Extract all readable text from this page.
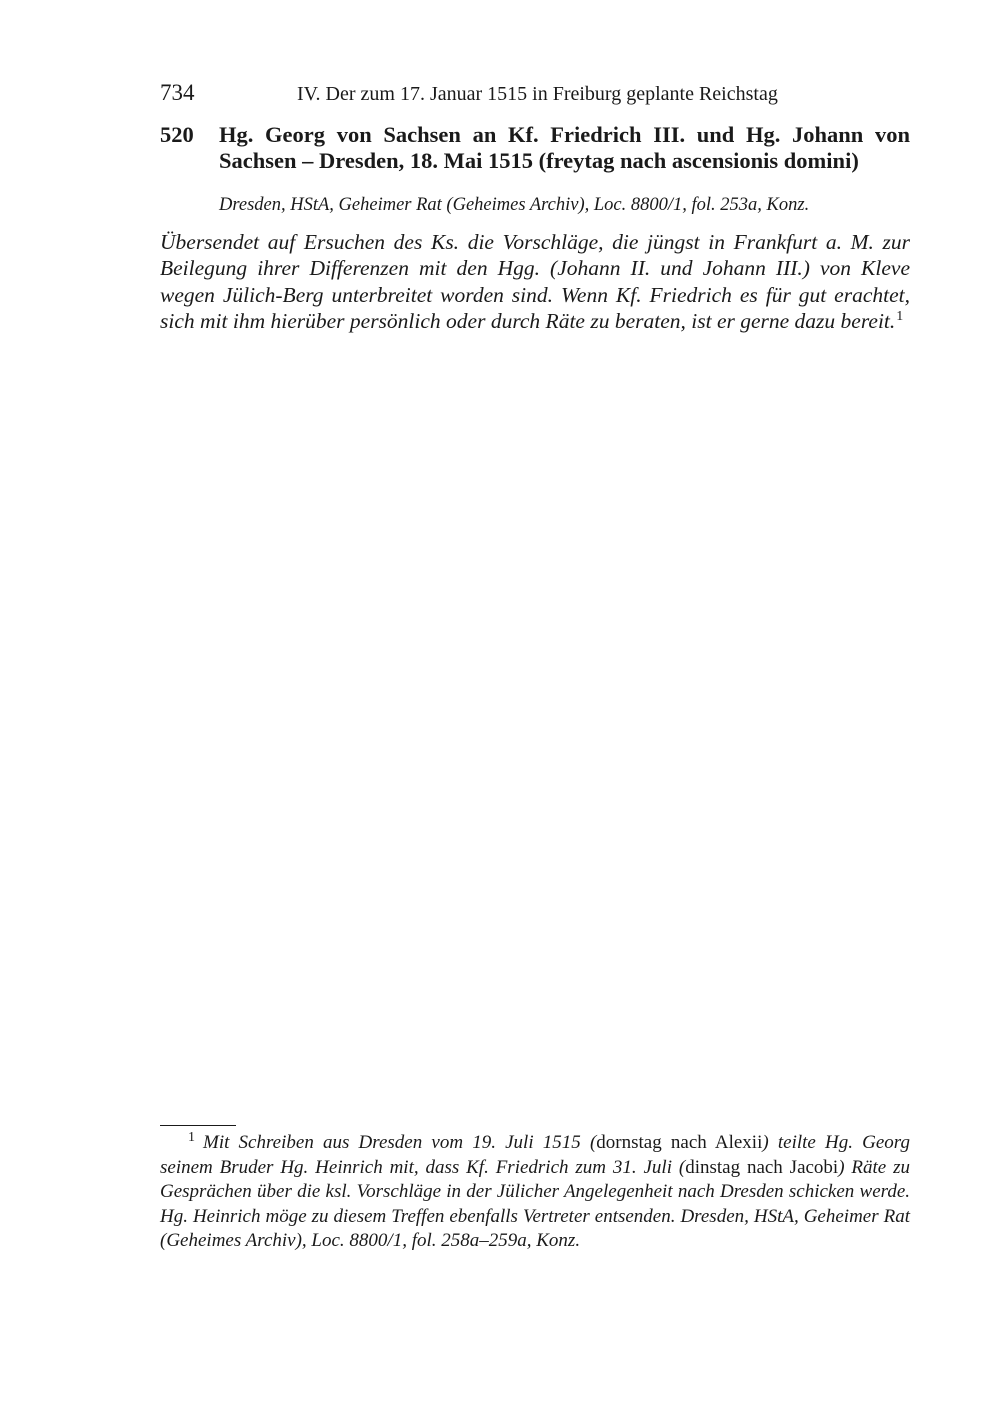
734	IV. Der zum 17. Januar 1515 in Freiburg geplante Reichstag
520 Hg. Georg von Sachsen an Kf. Friedrich III. und Hg. Johann von Sachsen – Dresden, 18. Mai 1515 (freytag nach ascensionis domini)
Dresden, HStA, Geheimer Rat (Geheimes Archiv), Loc. 8800/1, fol. 253a, Konz.
Übersendet auf Ersuchen des Ks. die Vorschläge, die jüngst in Frankfurt a. M. zur Beilegung ihrer Differenzen mit den Hgg. (Johann II. und Johann III.) von Kleve wegen Jülich-Berg unterbreitet worden sind. Wenn Kf. Friedrich es für gut erachtet, sich mit ihm hierüber persönlich oder durch Räte zu beraten, ist er gerne dazu bereit.$^1$
$^1$ Mit Schreiben aus Dresden vom 19. Juli 1515 (dornstag nach Alexii) teilte Hg. Georg seinem Bruder Hg. Heinrich mit, dass Kf. Friedrich zum 31. Juli (dinstag nach Jacobi) Räte zu Gesprächen über die ksl. Vorschläge in der Jülicher Angelegenheit nach Dresden schicken werde. Hg. Heinrich möge zu diesem Treffen ebenfalls Vertreter entsenden. Dresden, HStA, Geheimer Rat (Geheimes Archiv), Loc. 8800/1, fol. 258a–259a, Konz.
